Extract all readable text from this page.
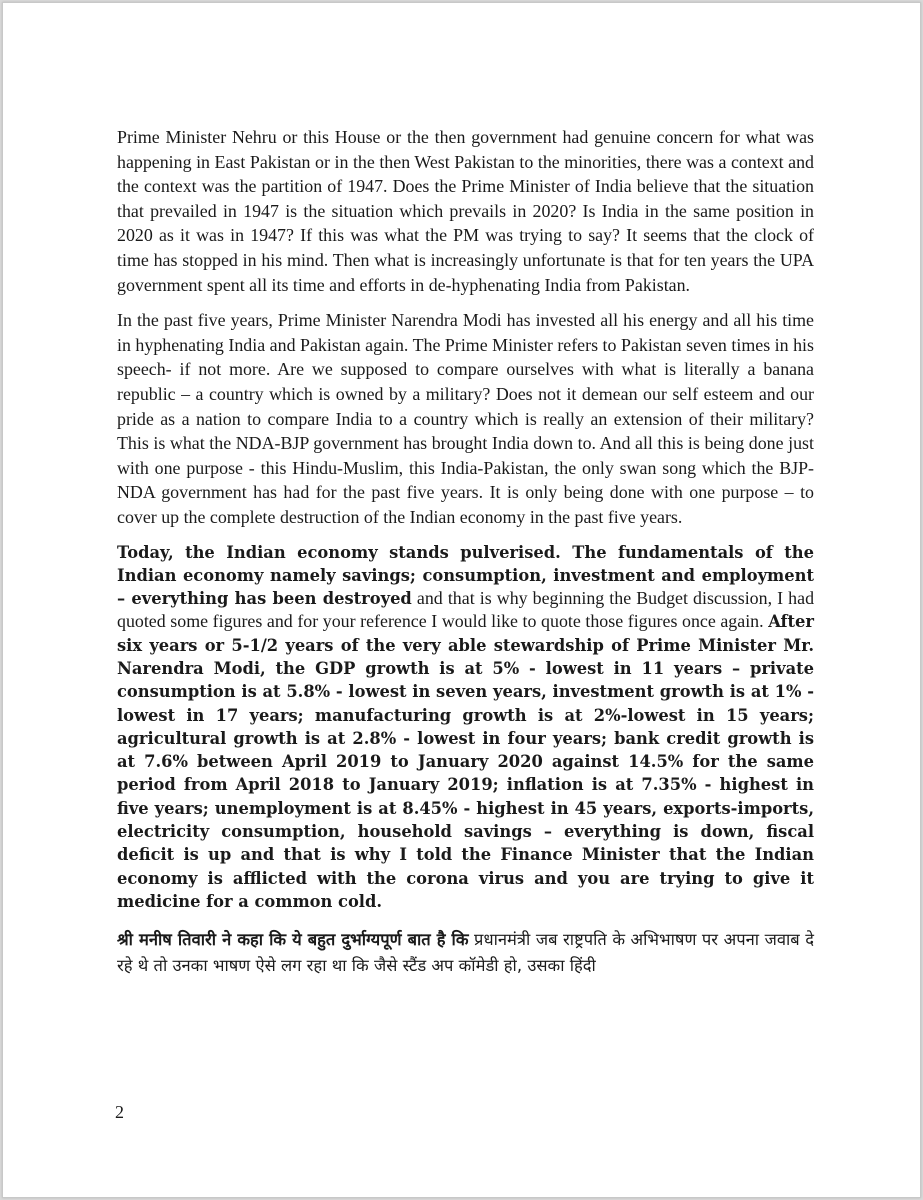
Prime Minister Nehru or this House or the then government had genuine concern for what was happening in East Pakistan or in the then West Pakistan to the minorities, there was a context and the context was the partition of 1947. Does the Prime Minister of India believe that the situation that prevailed in 1947 is the situation which prevails in 2020? Is India in the same position in 2020 as it was in 1947? If this was what the PM was trying to say? It seems that the clock of time has stopped in his mind. Then what is increasingly unfortunate is that for ten years the UPA government spent all its time and efforts in de-hyphenating India from Pakistan.

In the past five years, Prime Minister Narendra Modi has invested all his energy and all his time in hyphenating India and Pakistan again. The Prime Minister refers to Pakistan seven times in his speech- if not more. Are we supposed to compare ourselves with what is literally a banana republic – a country which is owned by a military? Does not it demean our self esteem and our pride as a nation to compare India to a country which is really an extension of their military? This is what the NDA-BJP government has brought India down to. And all this is being done just with one purpose - this Hindu-Muslim, this India-Pakistan, the only swan song which the BJP-NDA government has had for the past five years. It is only being done with one purpose – to cover up the complete destruction of the Indian economy in the past five years.

Today, the Indian economy stands pulverised. The fundamentals of the Indian economy namely savings; consumption, investment and employment – everything has been destroyed and that is why beginning the Budget discussion, I had quoted some figures and for your reference I would like to quote those figures once again. After six years or 5-1/2 years of the very able stewardship of Prime Minister Mr. Narendra Modi, the GDP growth is at 5% - lowest in 11 years – private consumption is at 5.8% - lowest in seven years, investment growth is at 1% -lowest in 17 years; manufacturing growth is at 2%-lowest in 15 years; agricultural growth is at 2.8% - lowest in four years; bank credit growth is at 7.6% between April 2019 to January 2020 against 14.5% for the same period from April 2018 to January 2019; inflation is at 7.35% - highest in five years; unemployment is at 8.45% - highest in 45 years, exports-imports, electricity consumption, household savings – everything is down, fiscal deficit is up and that is why I told the Finance Minister that the Indian economy is afflicted with the corona virus and you are trying to give it medicine for a common cold.

श्री मनीष तिवारी ने कहा कि ये बहुत दुर्भाग्यपूर्ण बात है कि प्रधानमंत्री जब राष्ट्रपति के अभिभाषण पर अपना जवाब दे रहे थे तो उनका भाषण ऐसे लग रहा था कि जैसे स्टैंड अप कॉमेडी हो, उसका हिंदी

2
